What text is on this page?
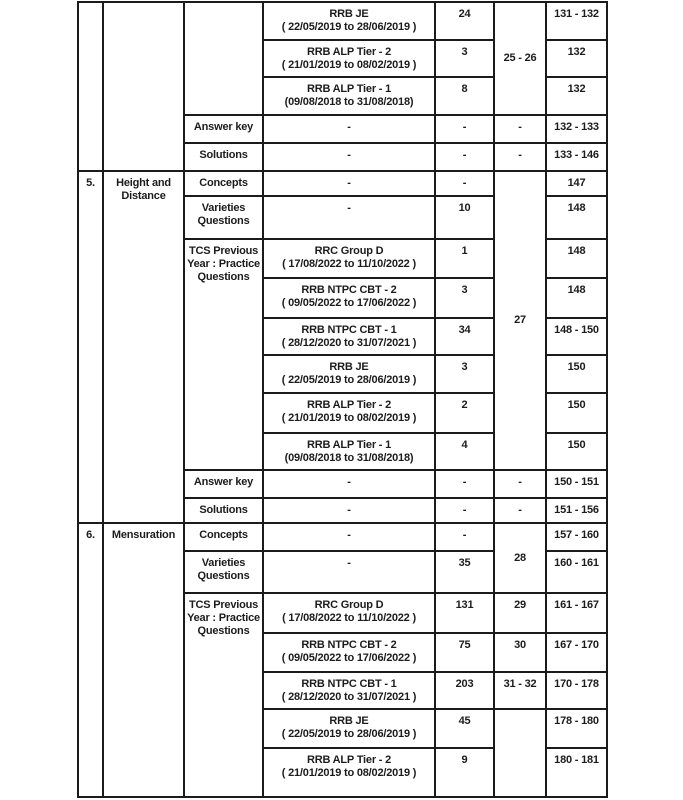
			RRB JE
( 22/05/2019 to 28/06/2019 )	24	25 - 26	131 - 132

			RRB ALP Tier - 2
( 21/01/2019 to 08/02/2019 )	3		132

			RRB ALP Tier - 1
(09/08/2018 to 31/08/2018)	8		132
		Answer key	-	-	-	132 - 133
		Solutions	-	-	-	133 - 146
5.	Height and Distance	Concepts	-	-	27	147
		Varieties Questions	-	10		148
		TCS Previous Year : Practice Questions	RRC Group D
( 17/08/2022 to 11/10/2022 )	1		148

			RRB NTPC CBT - 2
( 09/05/2022 to 17/06/2022 )	3		148

			RRB NTPC CBT - 1
( 28/12/2020 to 31/07/2021 )	34		148 - 150

			RRB JE
( 22/05/2019 to 28/06/2019 )	3		150

			RRB ALP Tier - 2
( 21/01/2019 to 08/02/2019 )	2		150

			RRB ALP Tier - 1
(09/08/2018 to 31/08/2018)	4		150
		Answer key	-	-	-	150 - 151
		Solutions	-	-	-	151 - 156
6.	Mensuration	Concepts	-	-	28	157 - 160
		Varieties Questions	-	35		160 - 161
		TCS Previous Year : Practice Questions	RRC Group D
( 17/08/2022 to 11/10/2022 )	131	29	161 - 167

			RRB NTPC CBT - 2
( 09/05/2022 to 17/06/2022 )	75	30	167 - 170

			RRB NTPC CBT - 1
( 28/12/2020 to 31/07/2021 )	203	31 - 32	170 - 178

			RRB JE
( 22/05/2019 to 28/06/2019 )	45		178 - 180

			RRB ALP Tier - 2
( 21/01/2019 to 08/02/2019 )	9		180 - 181
